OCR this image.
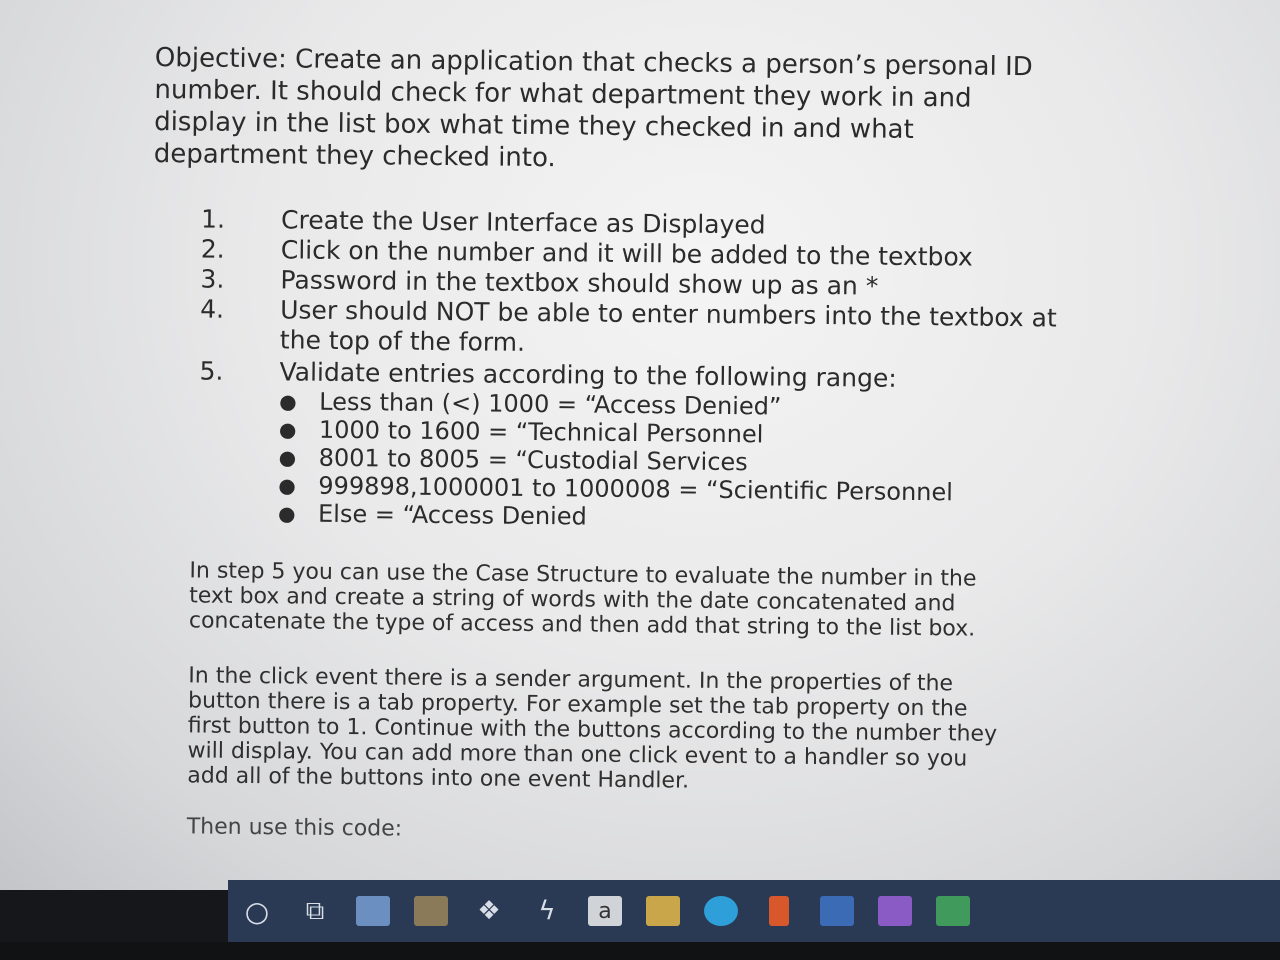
Objective: Create an application that checks a person’s personal ID number. It should check for what department they work in and display in the list box what time they checked in and what department they checked into.

1.	Create the User Interface as Displayed
2.	Click on the number and it will be added to the textbox
3.	Password in the textbox should show up as an *
4.	User should NOT be able to enter numbers into the textbox at the top of the form.
5.	Validate entries according to the following range:
● Less than (<) 1000 = “Access Denied”
● 1000 to 1600 = “Technical Personnel
● 8001 to 8005 = “Custodial Services
● 999898,1000001 to 1000008 = “Scientific Personnel
● Else = “Access Denied

In step 5 you can use the Case Structure to evaluate the number in the text box and create a string of words with the date concatenated and concatenate the type of access and then add that string to the list box.

In the click event there is a sender argument. In the properties of the button there is a tab property. For example set the tab property on the first button to 1. Continue with the buttons according to the number they will display. You can add more than one click event to a handler so you add all of the buttons into one event Handler.

Then use this code:

○	⧉	❖	ϟ	a
